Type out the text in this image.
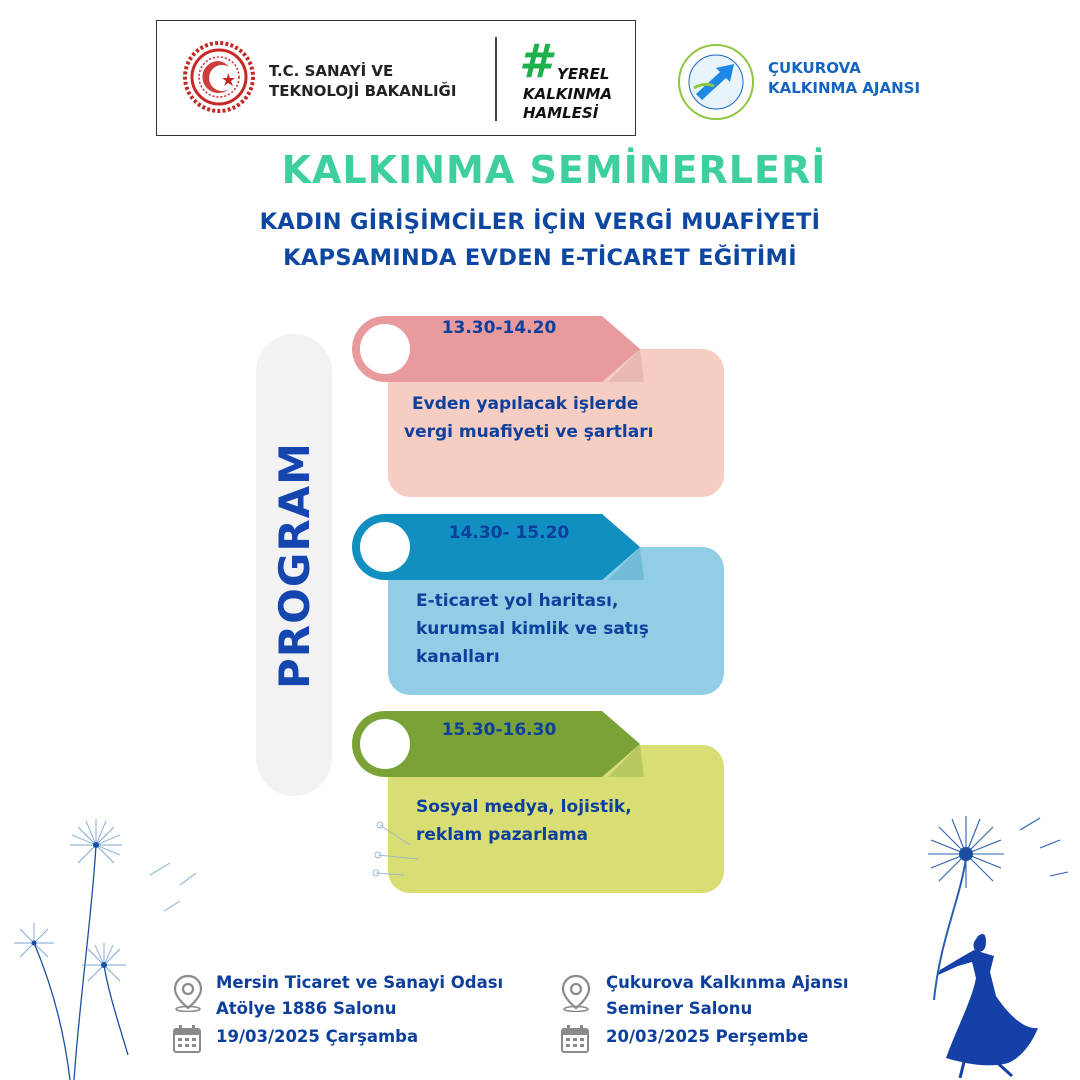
T.C. SANAYİ VE
TEKNOLOJİ BAKANLIĞI
# YEREL
KALKINMA
HAMLESİ
ÇUKUROVA
KALKINMA AJANSI
KALKINMA SEMİNERLERİ
KADIN GİRİŞİMCİLER İÇİN VERGİ MUAFİYETİ
KAPSAMINDA EVDEN E-TİCARET EĞİTİMİ
PROGRAM
13.30-14.20
Evden yapılacak işlerde
vergi muafiyeti ve şartları
14.30- 15.20
E-ticaret yol haritası,
kurumsal kimlik ve satış
kanalları
15.30-16.30
Sosyal medya, lojistik,
reklam pazarlama
Mersin Ticaret ve Sanayi Odası
Atölye 1886 Salonu
19/03/2025 Çarşamba
Çukurova Kalkınma Ajansı
Seminer Salonu
20/03/2025 Perşembe
